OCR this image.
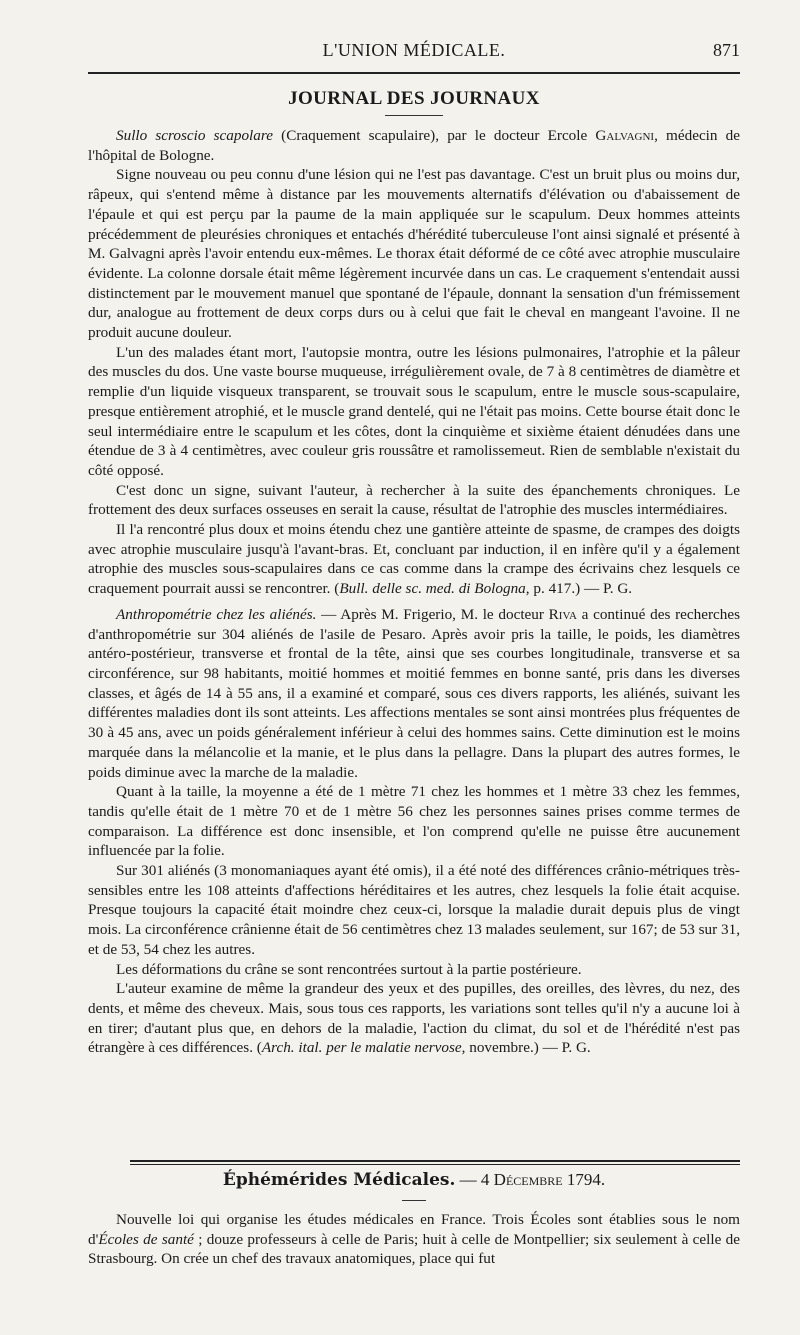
L'UNION MÉDICALE.	871
JOURNAL DES JOURNAUX

Sullo scroscio scapolare (Craquement scapulaire), par le docteur Ercole Galvagni, médecin de l'hôpital de Bologne.

Signe nouveau ou peu connu d'une lésion qui ne l'est pas davantage. C'est un bruit plus ou moins dur, râpeux, qui s'entend même à distance par les mouvements alternatifs d'élévation ou d'abaissement de l'épaule et qui est perçu par la paume de la main appliquée sur le scapulum. Deux hommes atteints précédemment de pleurésies chroniques et entachés d'hérédité tuberculeuse l'ont ainsi signalé et présenté à M. Galvagni après l'avoir entendu eux-mêmes. Le thorax était déformé de ce côté avec atrophie musculaire évidente. La colonne dorsale était même légèrement incurvée dans un cas. Le craquement s'entendait aussi distinctement par le mouvement manuel que spontané de l'épaule, donnant la sensation d'un frémissement dur, analogue au frottement de deux corps durs ou à celui que fait le cheval en mangeant l'avoine. Il ne produit aucune douleur.

L'un des malades étant mort, l'autopsie montra, outre les lésions pulmonaires, l'atrophie et la pâleur des muscles du dos. Une vaste bourse muqueuse, irrégulièrement ovale, de 7 à 8 centimètres de diamètre et remplie d'un liquide visqueux transparent, se trouvait sous le scapulum, entre le muscle sous-scapulaire, presque entièrement atrophié, et le muscle grand dentelé, qui ne l'était pas moins. Cette bourse était donc le seul intermédiaire entre le scapulum et les côtes, dont la cinquième et sixième étaient dénudées dans une étendue de 3 à 4 centimètres, avec couleur gris roussâtre et ramolissemeut. Rien de semblable n'existait du côté opposé.

C'est donc un signe, suivant l'auteur, à rechercher à la suite des épanchements chroniques. Le frottement des deux surfaces osseuses en serait la cause, résultat de l'atrophie des muscles intermédiaires.

Il l'a rencontré plus doux et moins étendu chez une gantière atteinte de spasme, de crampes des doigts avec atrophie musculaire jusqu'à l'avant-bras. Et, concluant par induction, il en infère qu'il y a également atrophie des muscles sous-scapulaires dans ce cas comme dans la crampe des écrivains chez lesquels ce craquement pourrait aussi se rencontrer. (Bull. delle sc. med. di Bologna, p. 417.) — P. G.

Anthropométrie chez les aliénés. — Après M. Frigerio, M. le docteur Riva a continué des recherches d'anthropométrie sur 304 aliénés de l'asile de Pesaro. Après avoir pris la taille, le poids, les diamètres antéro-postérieur, transverse et frontal de la tête, ainsi que ses courbes longitudinale, transverse et sa circonférence, sur 98 habitants, moitié hommes et moitié femmes en bonne santé, pris dans les diverses classes, et âgés de 14 à 55 ans, il a examiné et comparé, sous ces divers rapports, les aliénés, suivant les différentes maladies dont ils sont atteints. Les affections mentales se sont ainsi montrées plus fréquentes de 30 à 45 ans, avec un poids généralement inférieur à celui des hommes sains. Cette diminution est le moins marquée dans la mélancolie et la manie, et le plus dans la pellagre. Dans la plupart des autres formes, le poids diminue avec la marche de la maladie.

Quant à la taille, la moyenne a été de 1 mètre 71 chez les hommes et 1 mètre 33 chez les femmes, tandis qu'elle était de 1 mètre 70 et de 1 mètre 56 chez les personnes saines prises comme termes de comparaison. La différence est donc insensible, et l'on comprend qu'elle ne puisse être aucunement influencée par la folie.

Sur 301 aliénés (3 monomaniaques ayant été omis), il a été noté des différences crânio-métriques très-sensibles entre les 108 atteints d'affections héréditaires et les autres, chez lesquels la folie était acquise. Presque toujours la capacité était moindre chez ceux-ci, lorsque la maladie durait depuis plus de vingt mois. La circonférence crânienne était de 56 centimètres chez 13 malades seulement, sur 167; de 53 sur 31, et de 53, 54 chez les autres.

Les déformations du crâne se sont rencontrées surtout à la partie postérieure.

L'auteur examine de même la grandeur des yeux et des pupilles, des oreilles, des lèvres, du nez, des dents, et même des cheveux. Mais, sous tous ces rapports, les variations sont telles qu'il n'y a aucune loi à en tirer; d'autant plus que, en dehors de la maladie, l'action du climat, du sol et de l'hérédité n'est pas étrangère à ces différences. (Arch. ital. per le malatie nervose, novembre.) — P. G.

Éphémérides Médicales. — 4 Décembre 1794.

Nouvelle loi qui organise les études médicales en France. Trois Écoles sont établies sous le nom d'Écoles de santé ; douze professeurs à celle de Paris; huit à celle de Montpellier; six seulement à celle de Strasbourg. On crée un chef des travaux anatomiques, place qui fut
